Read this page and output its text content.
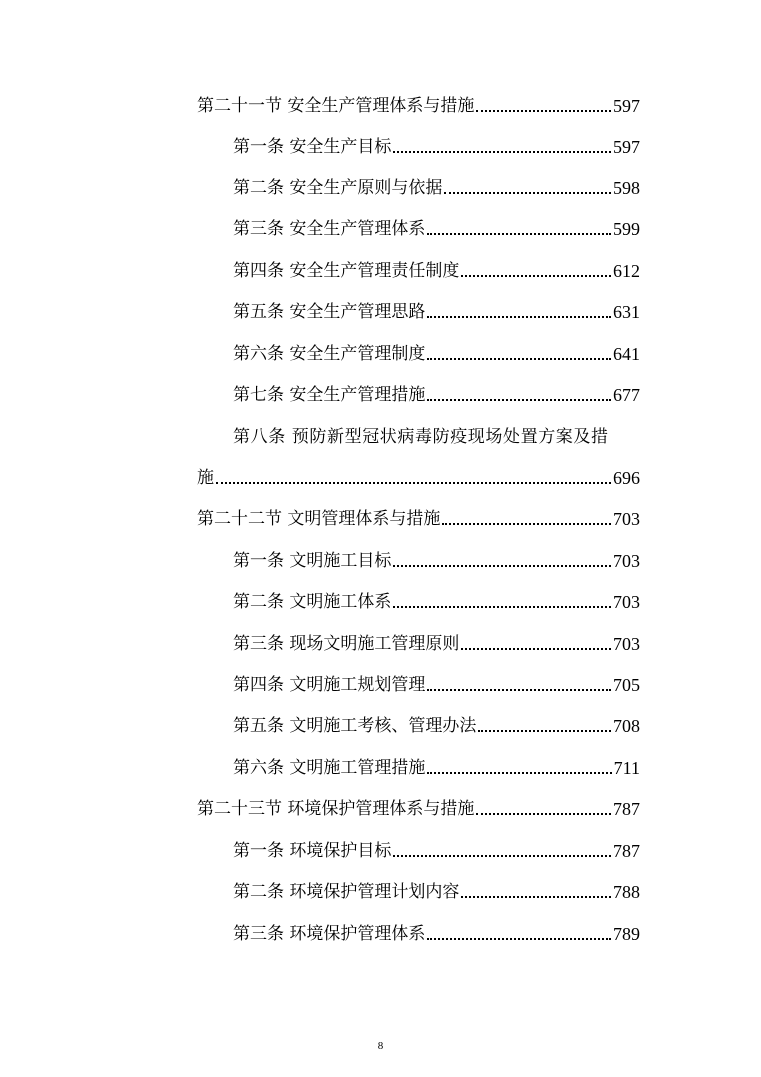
第二十一节 安全生产管理体系与措施	597
第一条 安全生产目标	597
第二条 安全生产原则与依据	598
第三条 安全生产管理体系	599
第四条 安全生产管理责任制度	612
第五条 安全生产管理思路	631
第六条 安全生产管理制度	641
第七条 安全生产管理措施	677
第八条 预防新型冠状病毒防疫现场处置方案及措
施	696
第二十二节 文明管理体系与措施	703
第一条 文明施工目标	703
第二条 文明施工体系	703
第三条 现场文明施工管理原则	703
第四条 文明施工规划管理	705
第五条 文明施工考核、管理办法	708
第六条 文明施工管理措施	711
第二十三节 环境保护管理体系与措施	787
第一条 环境保护目标	787
第二条 环境保护管理计划内容	788
第三条 环境保护管理体系	789
8
